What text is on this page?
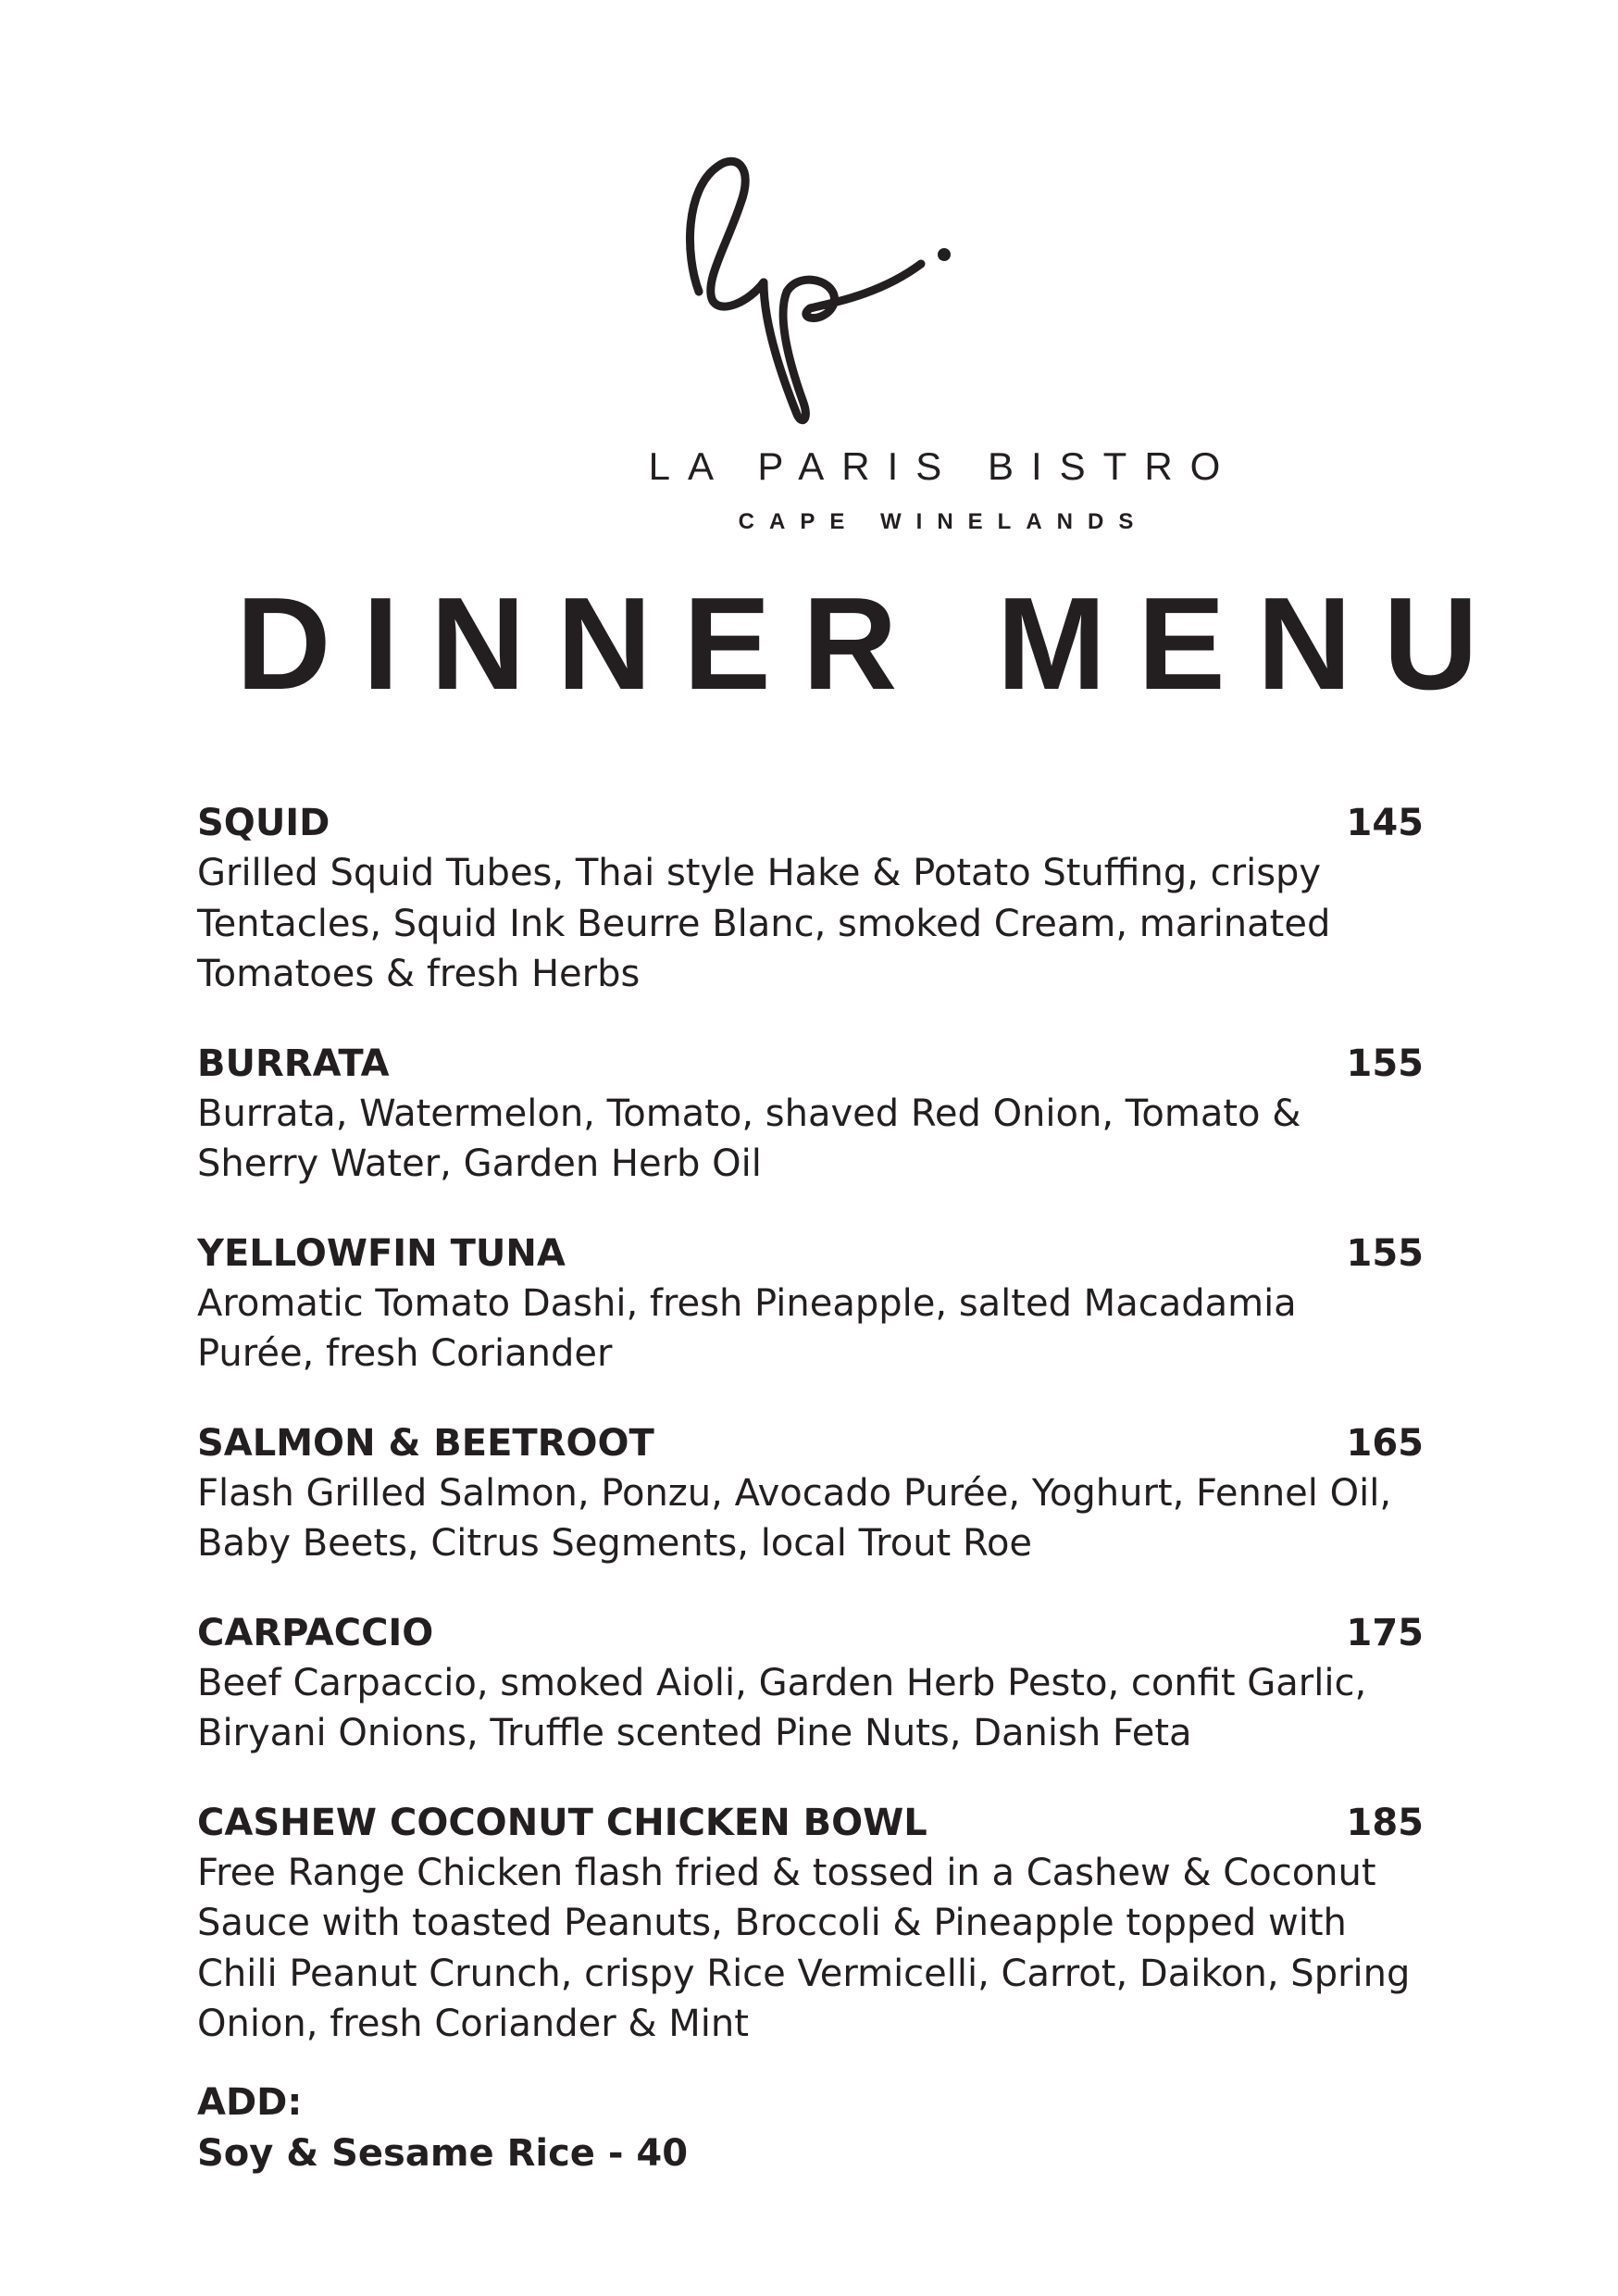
LA PARIS BISTRO
CAPE WINELANDS
DINNER MENU
SQUID	145
Grilled Squid Tubes, Thai style Hake & Potato Stuffing, crispy Tentacles, Squid Ink Beurre Blanc, smoked Cream, marinated Tomatoes & fresh Herbs
BURRATA	155
Burrata, Watermelon, Tomato, shaved Red Onion, Tomato & Sherry Water, Garden Herb Oil
YELLOWFIN TUNA	155
Aromatic Tomato Dashi, fresh Pineapple, salted Macadamia Purée, fresh Coriander
SALMON & BEETROOT	165
Flash Grilled Salmon, Ponzu, Avocado Purée, Yoghurt, Fennel Oil, Baby Beets, Citrus Segments, local Trout Roe
CARPACCIO	175
Beef Carpaccio, smoked Aioli, Garden Herb Pesto, confit Garlic, Biryani Onions, Truffle scented Pine Nuts, Danish Feta
CASHEW COCONUT CHICKEN BOWL	185
Free Range Chicken flash fried & tossed in a Cashew & Coconut Sauce with toasted Peanuts, Broccoli & Pineapple topped with Chili Peanut Crunch, crispy Rice Vermicelli, Carrot, Daikon, Spring Onion, fresh Coriander & Mint
ADD:
Soy & Sesame Rice - 40
